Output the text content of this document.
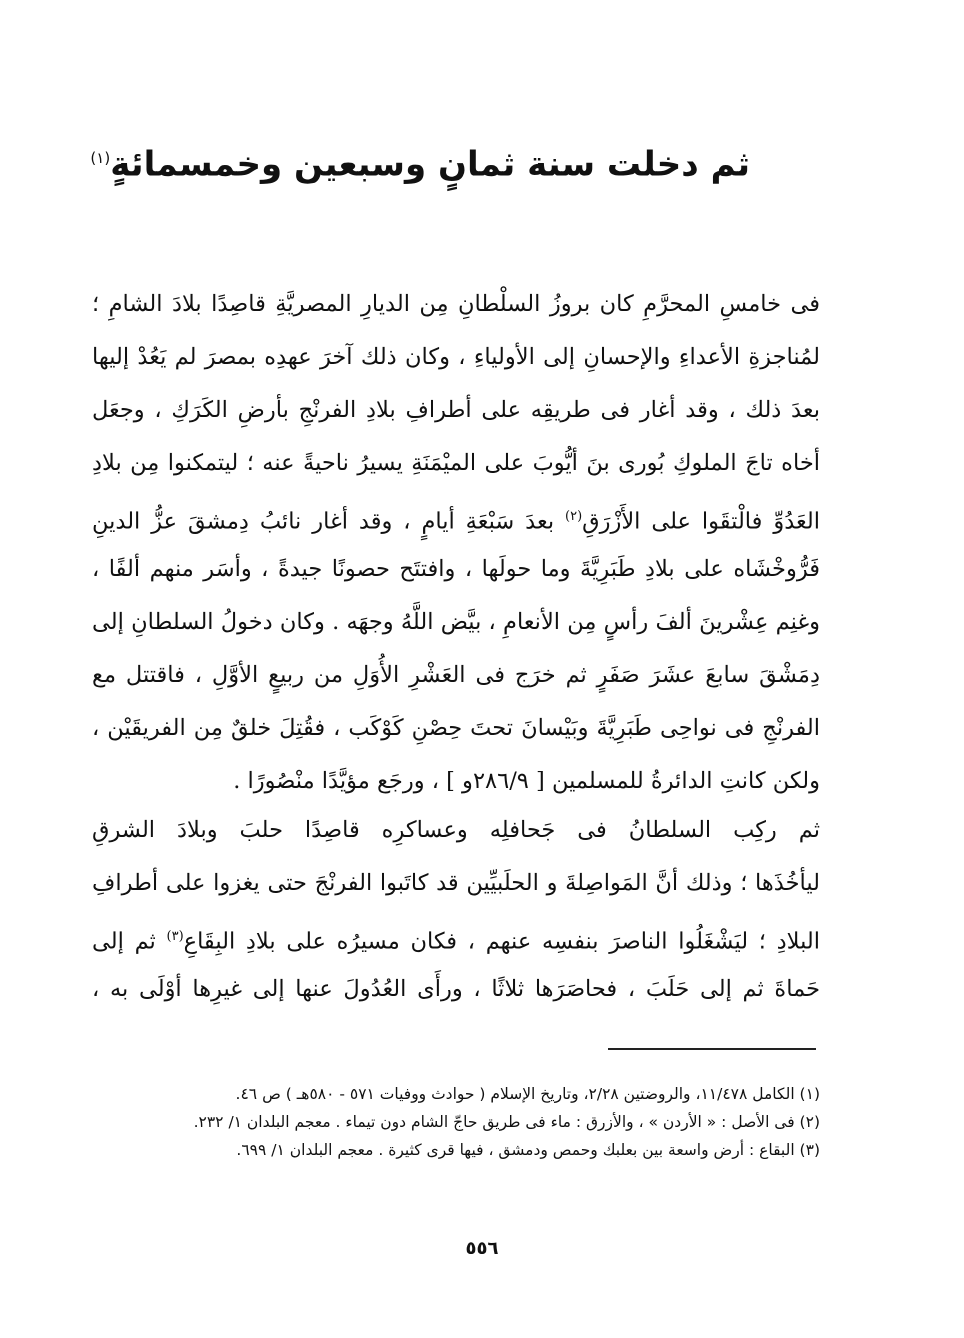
ثم دخلت سنة ثمانٍ وسبعين وخمسمائةٍ$^{(١)}$
فى خامسِ المحرَّمِ كان بروزُ السلْطانِ مِن الديارِ المصريَّةِ قاصِدًا بلادَ الشامِ ؛
لمُناجزةِ الأعداءِ والإحسانِ إلى الأولياءِ ، وكان ذلك آخرَ عهدِه بمصرَ لم يَعُدْ إليها
بعدَ ذلك ، وقد أغار فى طريقِه على أطرافِ بلادِ الفرنْجِ بأرضِ الكَرَكِ ، وجعَل
أخاه تاجَ الملوكِ بُورى بنَ أيُّوبَ على الميْمَنَةِ يسيرُ ناحيةً عنه ؛ ليتمكنوا مِن بلادِ
العَدُوِّ فالْتقَوا على الأَزْرَقِ$^{(٢)}$ بعدَ سَبْعَةِ أيامٍ ، وقد أغار نائبُ دِمشقَ عزُّ الدينِ
فَرُّوخْشَاه على بلادِ طَبَرِيَّةَ وما حولَها ، وافتتَح حصونًا جيدةً ، وأسَر منهم ألفًا ،
وغنِم عِشْرينَ ألفَ رأسٍ مِن الأنعامِ ، بيَّض اللَّهُ وجهَه . وكان دخولُ السلطانِ إلى
دِمَشْقَ سابعَ عشَرَ صَفَرٍ ثم خرَج فى العَشْرِ الأُوَلِ من ربيعٍ الأوَّلِ ، فاقتتل مع
الفرنْجِ فى نواحِى طَبَرِيَّةَ وبَيْسانَ تحتَ حِصْنِ كَوْكَب ، فقُتِلَ خلقٌ مِن الفريقَيْن ،
ولكن كانتِ الدائرةُ للمسلمين [ ٢٨٦/٩و ] ، ورجَع مؤيَّدًا منْصُورًا .
ثم ركِب السلطانُ فى جَحافلِه وعساكرِه قاصِدًا حلبَ وبلادَ الشرقِ
ليأخُذَها ؛ وذلك أنَّ المَواصِلةَ و الحلَبيِّين قد كاتَبوا الفرنْجَ حتى يغزوا على أطرافِ
البلادِ ؛ ليَشْغَلُوا الناصرَ بنفسِه عنهم ، فكان مسيرُه على بلادِ البِقَاعِ$^{(٣)}$ ثم إلى
حَماةَ ثم إلى حَلَبَ ، فحاصَرَها ثلاثًا ، ورأَى العُدُولَ عنها إلى غيرِها أوْلَى به ،
(١) الكامل ١١/٤٧٨، والروضتين ٢/٢٨، وتاريخ الإسلام ( حوادث ووفيات ٥٧١ - ٥٨٠هـ ) ص ٤٦.
(٢) فى الأصل : « الأردن » ، والأزرق : ماء فى طريق حاجّ الشام دون تيماء . معجم البلدان ١/ ٢٣٢.
(٣) البقاع : أرض واسعة بين بعلبك وحمص ودمشق ، فيها قرى كثيرة . معجم البلدان ١/ ٦٩٩.
٥٥٦
